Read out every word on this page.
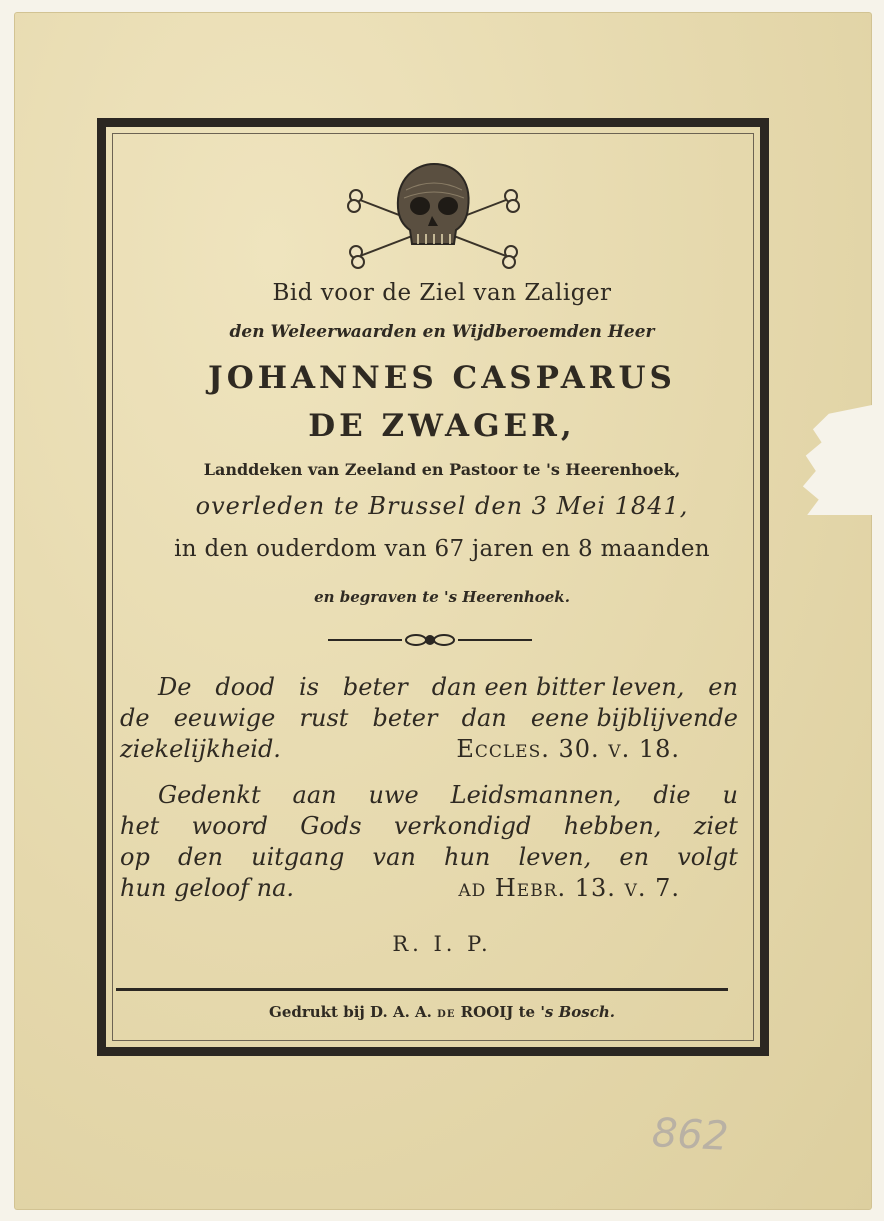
Bid voor de Ziel van Zaliger

den Weleerwaarden en Wijdberoemden Heer

JOHANNES CASPARUS

DE ZWAGER,

Landdeken van Zeeland en Pastoor te 's Heerenhoek,

overleden te Brussel den 3 Mei 1841,

in den ouderdom van 67 jaren en 8 maanden

en begraven te 's Heerenhoek.

De dood is beter dan een bitter leven, en
de eeuwige rust beter dan eene bijblijvende
ziekelijkheid.	Eccles. 30. v. 18.
Gedenkt aan uwe Leidsmannen, die u
het woord Gods verkondigd hebben, ziet
op den uitgang van hun leven, en volgt
hun geloof na.	ad Hebr. 13. v. 7.

R. I. P.

Gedrukt bij D. A. A. DE ROOIJ te 's Bosch.

862
